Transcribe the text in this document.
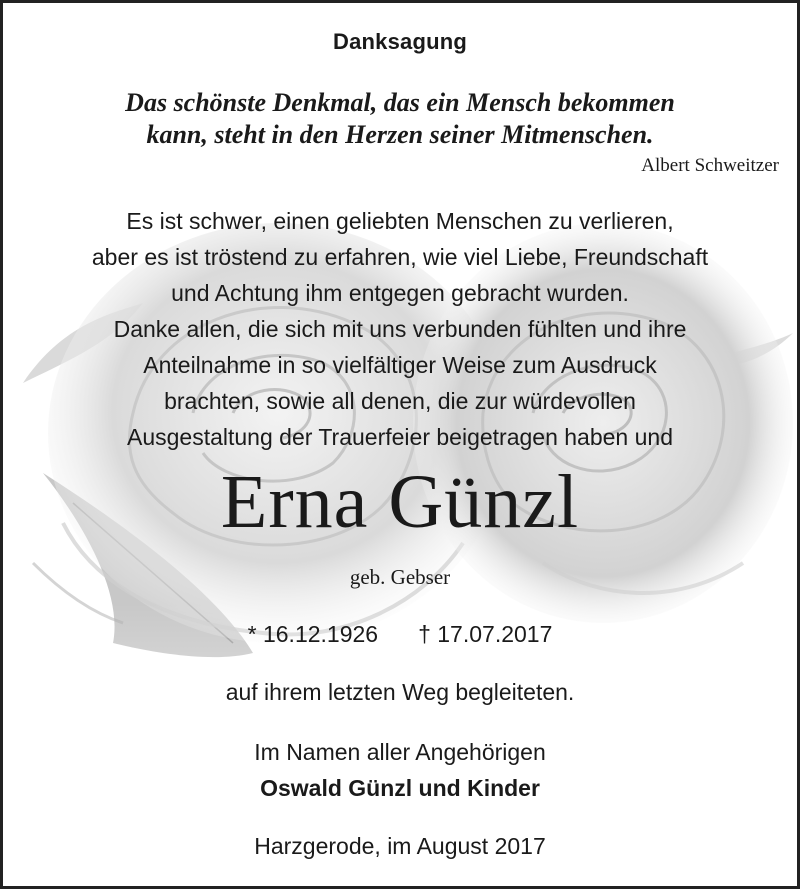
Danksagung
Das schönste Denkmal, das ein Mensch bekommen
kann, steht in den Herzen seiner Mitmenschen.
Albert Schweitzer
Es ist schwer, einen geliebten Menschen zu verlieren,
aber es ist tröstend zu erfahren, wie viel Liebe, Freundschaft
und Achtung ihm entgegen gebracht wurden.
Danke allen, die sich mit uns verbunden fühlten und ihre
Anteilnahme in so vielfältiger Weise zum Ausdruck
brachten, sowie all denen, die zur würdevollen
Ausgestaltung der Trauerfeier beigetragen haben und
Erna Günzl
geb. Gebser
* 16.12.1926 † 17.07.2017
auf ihrem letzten Weg begleiteten.
Im Namen aller Angehörigen
Oswald Günzl und Kinder
Harzgerode, im August 2017
